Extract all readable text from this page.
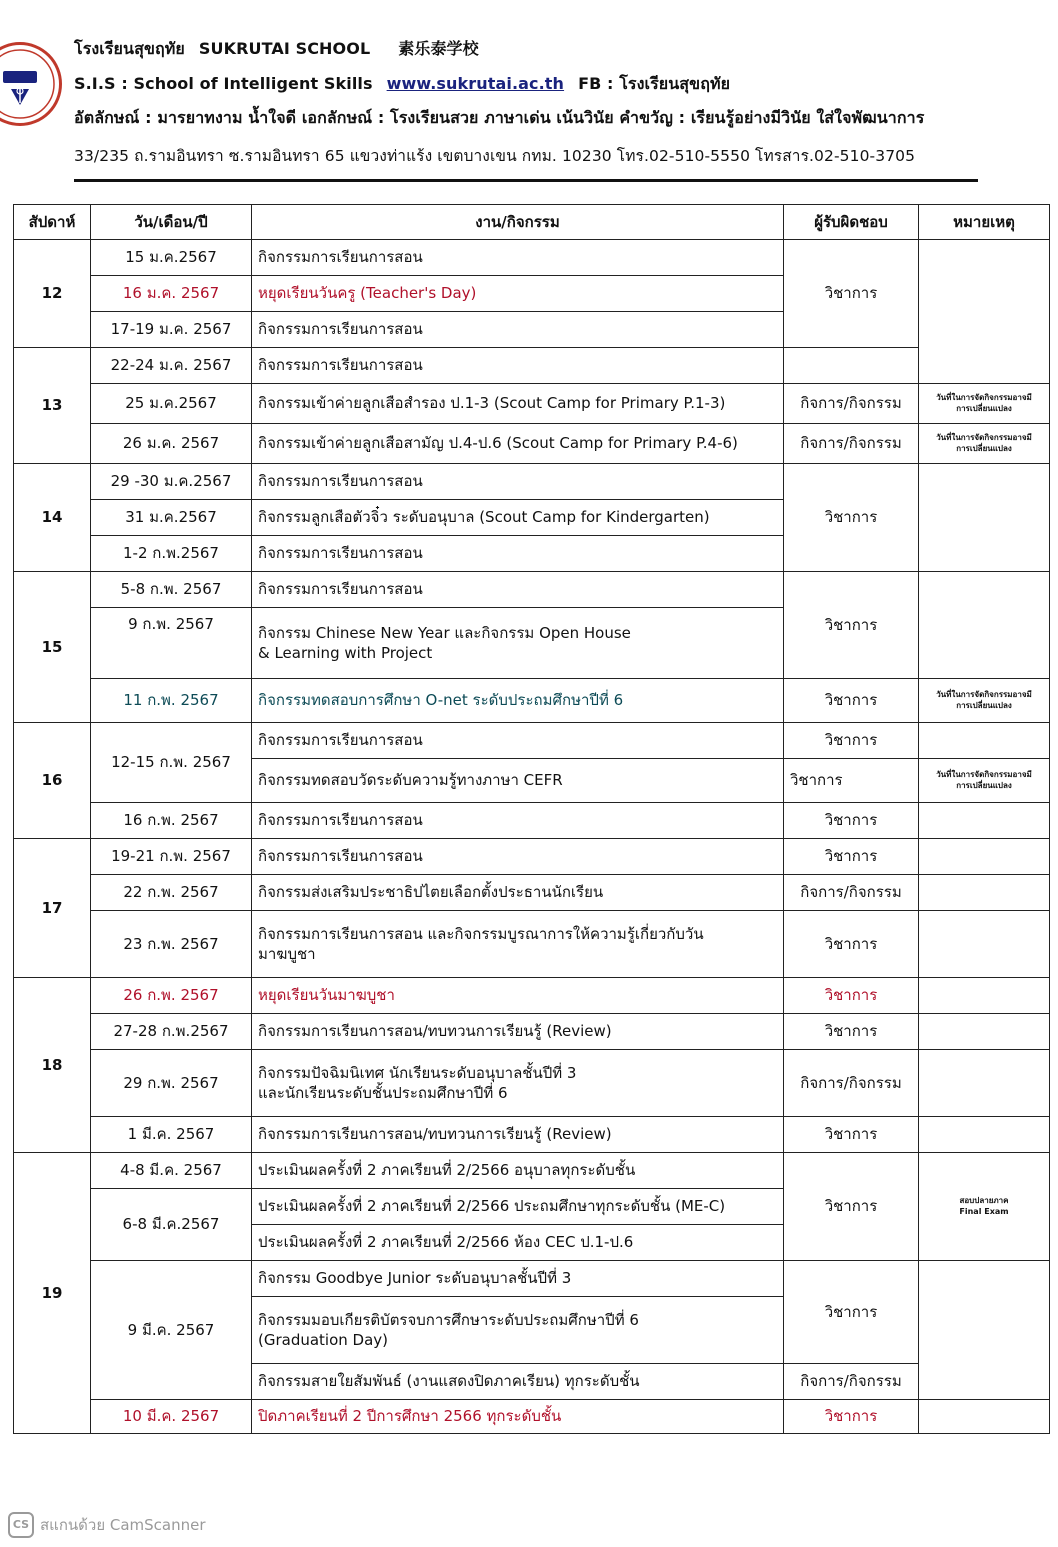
โรงเรียนสุขฤทัย SUKRUTAI SCHOOL 素乐泰学校
S.I.S : School of Intelligent Skills www.sukrutai.ac.th FB : โรงเรียนสุขฤทัย
อัตลักษณ์ : มารยาทงาม น้ำใจดี เอกลักษณ์ : โรงเรียนสวย ภาษาเด่น เน้นวินัย คำขวัญ : เรียนรู้อย่างมีวินัย ใส่ใจพัฒนาการ
33/235 ถ.รามอินทรา ซ.รามอินทรา 65 แขวงท่าแร้ง เขตบางเขน กทม. 10230 โทร.02-510-5550 โทรสาร.02-510-3705
สัปดาห์	วัน/เดือน/ปี	งาน/กิจกรรม	ผู้รับผิดชอบ	หมายเหตุ
12	15 ม.ค.2567	กิจกรรมการเรียนการสอน	วิชาการ	
	16 ม.ค. 2567	หยุดเรียนวันครู (Teacher's Day)		
	17-19 ม.ค. 2567	กิจกรรมการเรียนการสอน		
13	22-24 ม.ค. 2567	กิจกรรมการเรียนการสอน		
	25 ม.ค.2567	กิจกรรมเข้าค่ายลูกเสือสำรอง ป.1-3 (Scout Camp for Primary P.1-3)	กิจการ/กิจกรรม	วันที่ในการจัดกิจกรรมอาจมี
การเปลี่ยนแปลง
	26 ม.ค. 2567	กิจกรรมเข้าค่ายลูกเสือสามัญ ป.4-ป.6 (Scout Camp for Primary P.4-6)	กิจการ/กิจกรรม	วันที่ในการจัดกิจกรรมอาจมี
การเปลี่ยนแปลง
14	29 -30 ม.ค.2567	กิจกรรมการเรียนการสอน	วิชาการ	
	31 ม.ค.2567	กิจกรรมลูกเสือตัวจิ๋ว ระดับอนุบาล (Scout Camp for Kindergarten)		
	1-2 ก.พ.2567	กิจกรรมการเรียนการสอน		
15	5-8 ก.พ. 2567	กิจกรรมการเรียนการสอน	วิชาการ	
	9 ก.พ. 2567	กิจกรรม Chinese New Year และกิจกรรม Open House
& Learning with Project		
	11 ก.พ. 2567	กิจกรรมทดสอบการศึกษา O-net ระดับประถมศึกษาปีที่ 6	วิชาการ	วันที่ในการจัดกิจกรรมอาจมี
การเปลี่ยนแปลง
16	12-15 ก.พ. 2567	กิจกรรมการเรียนการสอน	วิชาการ	
		กิจกรรมทดสอบวัดระดับความรู้ทางภาษา CEFR	วิชาการ	วันที่ในการจัดกิจกรรมอาจมี
การเปลี่ยนแปลง
	16 ก.พ. 2567	กิจกรรมการเรียนการสอน	วิชาการ	
17	19-21 ก.พ. 2567	กิจกรรมการเรียนการสอน	วิชาการ	
	22 ก.พ. 2567	กิจกรรมส่งเสริมประชาธิปไตยเลือกตั้งประธานนักเรียน	กิจการ/กิจกรรม	
	23 ก.พ. 2567	กิจกรรมการเรียนการสอน และกิจกรรมบูรณาการให้ความรู้เกี่ยวกับวัน
มาฆบูชา	วิชาการ	
18	26 ก.พ. 2567	หยุดเรียนวันมาฆบูชา	วิชาการ	
	27-28 ก.พ.2567	กิจกรรมการเรียนการสอน/ทบทวนการเรียนรู้ (Review)	วิชาการ	
	29 ก.พ. 2567	กิจกรรมปัจฉิมนิเทศ นักเรียนระดับอนุบาลชั้นปีที่ 3
และนักเรียนระดับชั้นประถมศึกษาปีที่ 6	กิจการ/กิจกรรม	
	1 มี.ค. 2567	กิจกรรมการเรียนการสอน/ทบทวนการเรียนรู้ (Review)	วิชาการ	
19	4-8 มี.ค. 2567	ประเมินผลครั้งที่ 2 ภาคเรียนที่ 2/2566 อนุบาลทุกระดับชั้น	วิชาการ	สอบปลายภาค
Final Exam
	6-8 มี.ค.2567	ประเมินผลครั้งที่ 2 ภาคเรียนที่ 2/2566 ประถมศึกษาทุกระดับชั้น (ME-C)		
		ประเมินผลครั้งที่ 2 ภาคเรียนที่ 2/2566 ห้อง CEC ป.1-ป.6		
	9 มี.ค. 2567	กิจกรรม Goodbye Junior ระดับอนุบาลชั้นปีที่ 3	วิชาการ	
		กิจกรรมมอบเกียรติบัตรจบการศึกษาระดับประถมศึกษาปีที่ 6
(Graduation Day)		
		กิจกรรมสายใยสัมพันธ์ (งานแสดงปิดภาคเรียน) ทุกระดับชั้น	กิจการ/กิจกรรม	
	10 มี.ค. 2567	ปิดภาคเรียนที่ 2 ปีการศึกษา 2566 ทุกระดับชั้น	วิชาการ	
CS สแกนด้วย CamScanner
